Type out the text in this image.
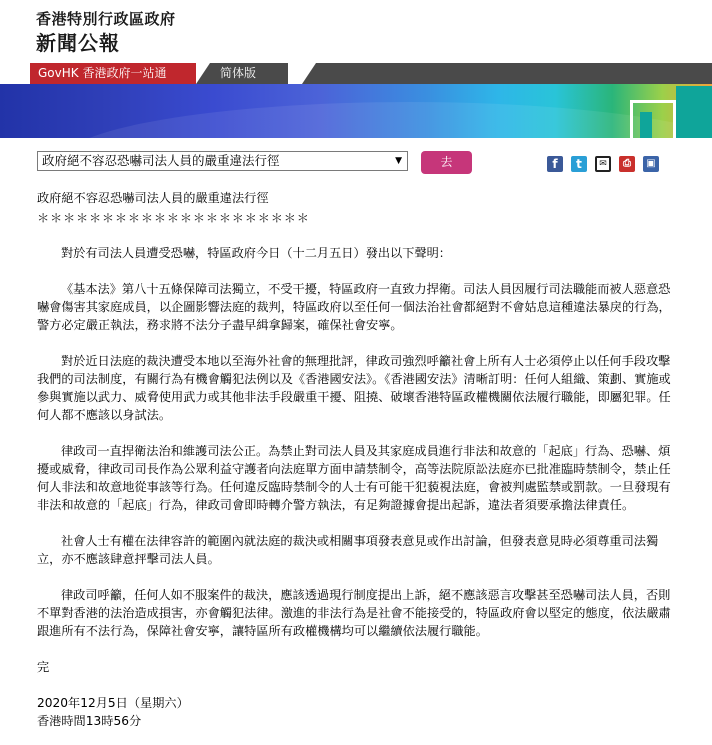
香港特別行政區政府
新聞公報
GovHK 香港政府一站通	简体版
政府絕不容忍恐嚇司法人員的嚴重違法行徑	▼	去	f	t	✉	⎙	▣
政府絕不容忍恐嚇司法人員的嚴重違法行徑
＊＊＊＊＊＊＊＊＊＊＊＊＊＊＊＊＊＊＊＊＊
對於有司法人員遭受恐嚇，特區政府今日（十二月五日）發出以下聲明：
《基本法》第八十五條保障司法獨立，不受干擾，特區政府一直致力捍衛。司法人員因履行司法職能而被人惡意恐嚇會傷害其家庭成員，以企圖影響法庭的裁判，特區政府以至任何一個法治社會都絕對不會姑息這種違法暴戾的行為，警方必定嚴正執法，務求將不法分子盡早緝拿歸案，確保社會安寧。
對於近日法庭的裁決遭受本地以至海外社會的無理批評，律政司強烈呼籲社會上所有人士必須停止以任何手段攻擊我們的司法制度，有關行為有機會觸犯法例以及《香港國安法》。《香港國安法》清晰訂明：任何人組織、策劃、實施或參與實施以武力、威脅使用武力或其他非法手段嚴重干擾、阻撓、破壞香港特區政權機關依法履行職能，即屬犯罪。任何人都不應該以身試法。
律政司一直捍衛法治和維護司法公正。為禁止對司法人員及其家庭成員進行非法和故意的「起底」行為、恐嚇、煩擾或威脅，律政司司長作為公眾利益守護者向法庭單方面申請禁制令，高等法院原訟法庭亦已批准臨時禁制令，禁止任何人非法和故意地從事該等行為。任何違反臨時禁制令的人士有可能干犯藐視法庭，會被判處監禁或罰款。一旦發現有非法和故意的「起底」行為，律政司會即時轉介警方執法，有足夠證據會提出起訴，違法者須要承擔法律責任。
社會人士有權在法律容許的範圍內就法庭的裁決或相關事項發表意見或作出討論，但發表意見時必須尊重司法獨立，亦不應該肆意抨擊司法人員。
律政司呼籲，任何人如不服案件的裁決，應該透過現行制度提出上訴，絕不應該惡言攻擊甚至恐嚇司法人員，否則不單對香港的法治造成損害，亦會觸犯法律。激進的非法行為是社會不能接受的，特區政府會以堅定的態度，依法嚴肅跟進所有不法行為，保障社會安寧，讓特區所有政權機構均可以繼續依法履行職能。
完
2020年12月5日（星期六）
香港時間13時56分
